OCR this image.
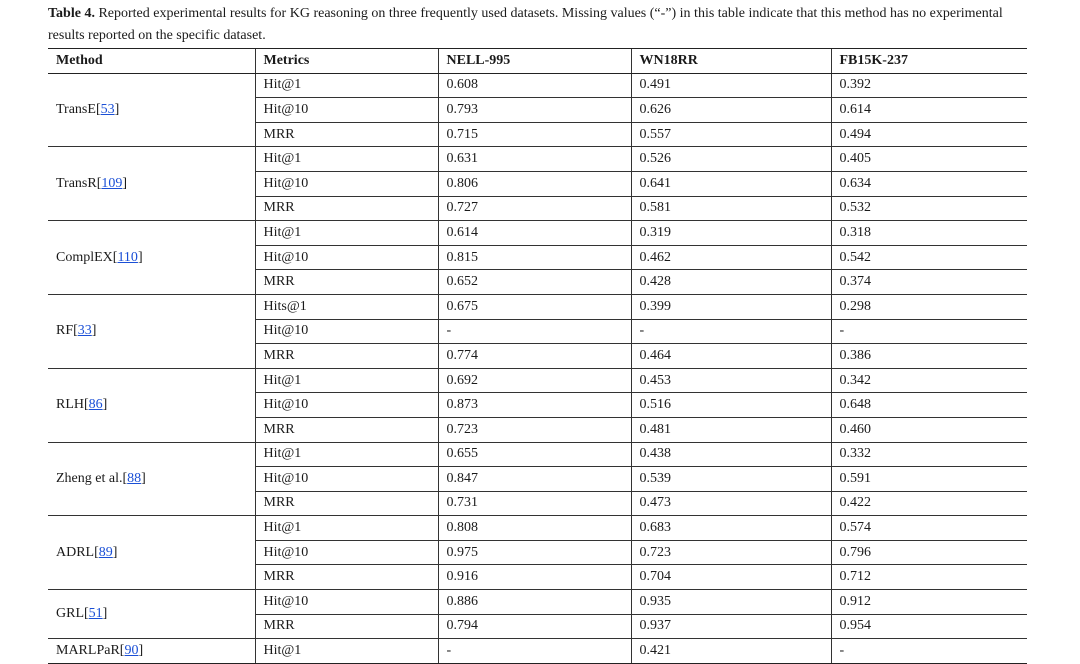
Table 4. Reported experimental results for KG reasoning on three frequently used datasets. Missing values (“-”) in this table indicate that this method has no experimental results reported on the specific dataset.

Method	Metrics	NELL-995	WN18RR	FB15K-237
TransE[53]	Hit@1	0.608	0.491	0.392
	Hit@10	0.793	0.626	0.614
	MRR	0.715	0.557	0.494
TransR[109]	Hit@1	0.631	0.526	0.405
	Hit@10	0.806	0.641	0.634
	MRR	0.727	0.581	0.532
ComplEX[110]	Hit@1	0.614	0.319	0.318
	Hit@10	0.815	0.462	0.542
	MRR	0.652	0.428	0.374
RF[33]	Hits@1	0.675	0.399	0.298
	Hit@10	-	-	-
	MRR	0.774	0.464	0.386
RLH[86]	Hit@1	0.692	0.453	0.342
	Hit@10	0.873	0.516	0.648
	MRR	0.723	0.481	0.460
Zheng et al.[88]	Hit@1	0.655	0.438	0.332
	Hit@10	0.847	0.539	0.591
	MRR	0.731	0.473	0.422
ADRL[89]	Hit@1	0.808	0.683	0.574
	Hit@10	0.975	0.723	0.796
	MRR	0.916	0.704	0.712
GRL[51]	Hit@10	0.886	0.935	0.912
	MRR	0.794	0.937	0.954
MARLPaR[90]	Hit@1	-	0.421	-
